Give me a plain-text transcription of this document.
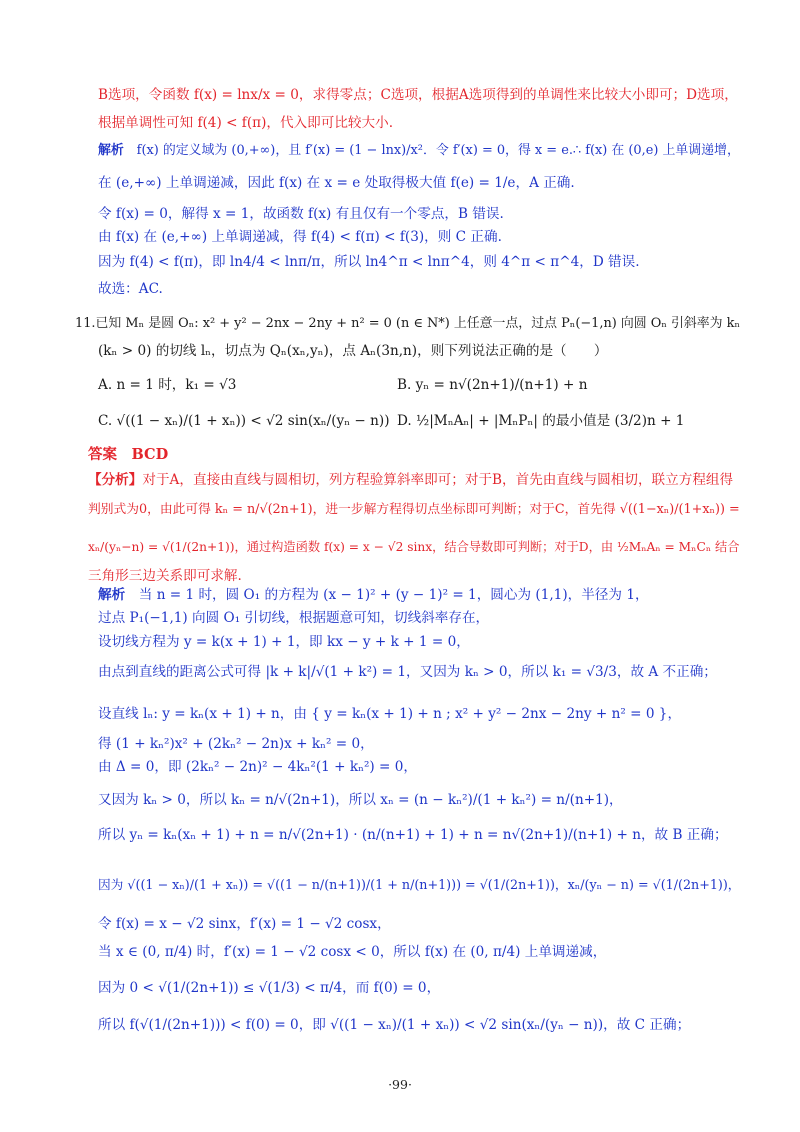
B选项，令函数 f(x) = lnx/x = 0，求得零点；C选项，根据A选项得到的单调性来比较大小即可；D选项，
根据单调性可知 f(4) < f(π)，代入即可比较大小.
解析  f(x) 的定义域为 (0,+∞)，且 f′(x) = (1 − lnx)/x²．令 f′(x) = 0，得 x = e.∴ f(x) 在 (0,e) 上单调递增，
在 (e,+∞) 上单调递减，因此 f(x) 在 x = e 处取得极大值 f(e) = 1/e，A 正确.
令 f(x) = 0，解得 x = 1，故函数 f(x) 有且仅有一个零点，B 错误.
由 f(x) 在 (e,+∞) 上单调递减，得 f(4) < f(π) < f(3)，则 C 正确.
因为 f(4) < f(π)，即 ln4/4 < lnπ/π，所以 ln4^π < lnπ^4，则 4^π < π^4，D 错误.
故选：AC.
11.已知 Mₙ 是圆 Oₙ: x² + y² − 2nx − 2ny + n² = 0 (n ∈ N*) 上任意一点，过点 Pₙ(−1,n) 向圆 Oₙ 引斜率为 kₙ
(kₙ > 0) 的切线 lₙ，切点为 Qₙ(xₙ,yₙ)，点 Aₙ(3n,n)，则下列说法正确的是（　　）
A. n = 1 时，k₁ = √3	B. yₙ = n√(2n+1)/(n+1) + n
C. √((1 − xₙ)/(1 + xₙ)) < √2 sin(xₙ/(yₙ − n)) D. ½|MₙAₙ| + |MₙPₙ| 的最小值是 (3/2)n + 1
答案  BCD
【分析】对于A，直接由直线与圆相切，列方程验算斜率即可；对于B，首先由直线与圆相切，联立方程组得
判别式为0，由此可得 kₙ = n/√(2n+1)，进一步解方程得切点坐标即可判断；对于C，首先得 √((1−xₙ)/(1+xₙ)) =
xₙ/(yₙ−n) = √(1/(2n+1))，通过构造函数 f(x) = x − √2 sinx，结合导数即可判断；对于D，由 ½MₙAₙ = MₙCₙ 结合
三角形三边关系即可求解.
解析  当 n = 1 时，圆 O₁ 的方程为 (x − 1)² + (y − 1)² = 1，圆心为 (1,1)，半径为 1，
过点 P₁(−1,1) 向圆 O₁ 引切线，根据题意可知，切线斜率存在，
设切线方程为 y = k(x + 1) + 1，即 kx − y + k + 1 = 0，
由点到直线的距离公式可得 |k + k|/√(1 + k²) = 1，又因为 kₙ > 0，所以 k₁ = √3/3，故 A 不正确；
设直线 lₙ: y = kₙ(x + 1) + n，由 { y = kₙ(x + 1) + n ; x² + y² − 2nx − 2ny + n² = 0 }，
得 (1 + kₙ²)x² + (2kₙ² − 2n)x + kₙ² = 0，
由 Δ = 0，即 (2kₙ² − 2n)² − 4kₙ²(1 + kₙ²) = 0，
又因为 kₙ > 0，所以 kₙ = n/√(2n+1)，所以 xₙ = (n − kₙ²)/(1 + kₙ²) = n/(n+1)，
所以 yₙ = kₙ(xₙ + 1) + n = n/√(2n+1) · (n/(n+1) + 1) + n = n√(2n+1)/(n+1) + n，故 B 正确；
因为 √((1 − xₙ)/(1 + xₙ)) = √((1 − n/(n+1))/(1 + n/(n+1))) = √(1/(2n+1))，xₙ/(yₙ − n) = √(1/(2n+1))，
令 f(x) = x − √2 sinx，f′(x) = 1 − √2 cosx，
当 x ∈ (0, π/4) 时，f′(x) = 1 − √2 cosx < 0，所以 f(x) 在 (0, π/4) 上单调递减，
因为 0 < √(1/(2n+1)) ≤ √(1/3) < π/4，而 f(0) = 0，
所以 f(√(1/(2n+1))) < f(0) = 0，即 √((1 − xₙ)/(1 + xₙ)) < √2 sin(xₙ/(yₙ − n))，故 C 正确；
·99·
